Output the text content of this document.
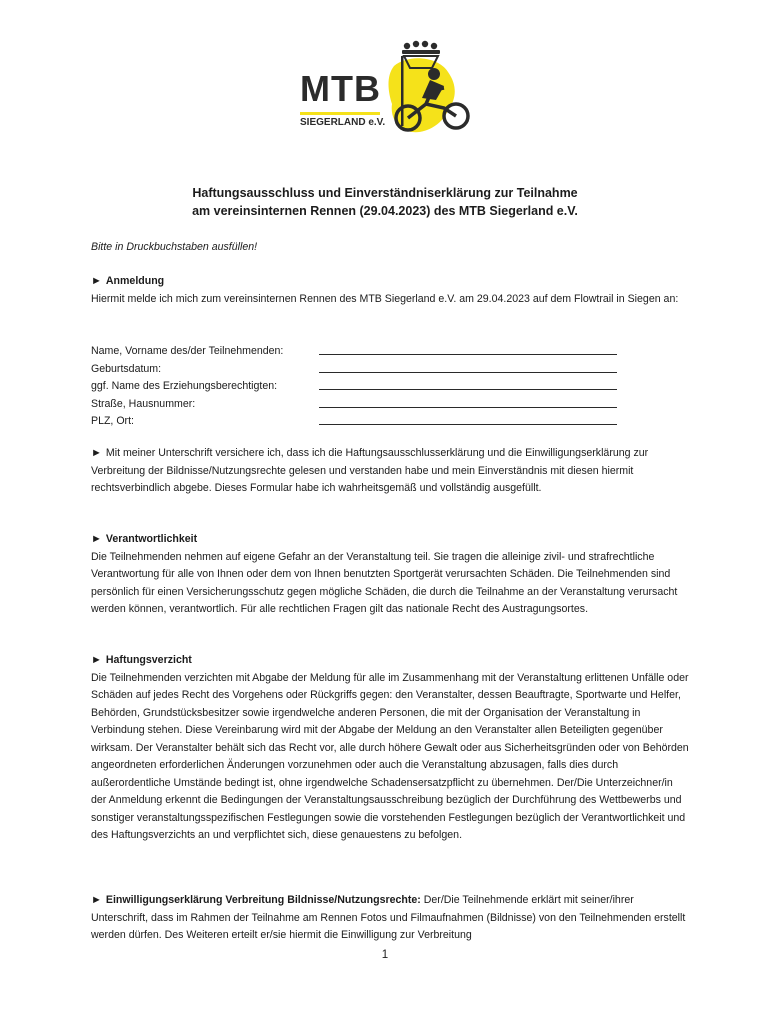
MTB
SIEGERLAND e.V.
Haftungsausschluss und Einverständniserklärung zur Teilnahme
am vereinsinternen Rennen (29.04.2023) des MTB Siegerland e.V.
Bitte in Druckbuchstaben ausfüllen!

► Anmeldung

Hiermit melde ich mich zum vereinsinternen Rennen des MTB Siegerland e.V. am 29.04.2023 auf dem Flowtrail in Siegen an:

Name, Vorname des/der Teilnehmenden:
Geburtsdatum:
ggf. Name des Erziehungsberechtigten:
Straße, Hausnummer:
PLZ, Ort:

► Mit meiner Unterschrift versichere ich, dass ich die Haftungsausschlusserklärung und die Einwilligungserklärung zur Verbreitung der Bildnisse/Nutzungsrechte gelesen und verstanden habe und mein Einverständnis mit diesen hiermit rechtsverbindlich abgebe. Dieses Formular habe ich wahrheitsgemäß und vollständig ausgefüllt.

► Verantwortlichkeit

Die Teilnehmenden nehmen auf eigene Gefahr an der Veranstaltung teil. Sie tragen die alleinige zivil- und strafrechtliche Verantwortung für alle von Ihnen oder dem von Ihnen benutzten Sportgerät verursachten Schäden. Die Teilnehmenden sind persönlich für einen Versicherungsschutz gegen mögliche Schäden, die durch die Teilnahme an der Veranstaltung verursacht werden können, verantwortlich. Für alle rechtlichen Fragen gilt das nationale Recht des Austragungsortes.

► Haftungsverzicht

Die Teilnehmenden verzichten mit Abgabe der Meldung für alle im Zusammenhang mit der Veranstaltung erlittenen Unfälle oder Schäden auf jedes Recht des Vorgehens oder Rückgriffs gegen: den Veranstalter, dessen Beauftragte, Sportwarte und Helfer, Behörden, Grundstücksbesitzer sowie irgendwelche anderen Personen, die mit der Organisation der Veranstaltung in Verbindung stehen. Diese Vereinbarung wird mit der Abgabe der Meldung an den Veranstalter allen Beteiligten gegenüber wirksam. Der Veranstalter behält sich das Recht vor, alle durch höhere Gewalt oder aus Sicherheitsgründen oder von Behörden angeordneten erforderlichen Änderungen vorzunehmen oder auch die Veranstaltung abzusagen, falls dies durch außerordentliche Umstände bedingt ist, ohne irgendwelche Schadensersatzpflicht zu übernehmen. Der/Die Unterzeichner/in der Anmeldung erkennt die Bedingungen der Veranstaltungsausschreibung bezüglich der Durchführung des Wettbewerbs und sonstiger veranstaltungsspezifischen Festlegungen sowie die vorstehenden Festlegungen bezüglich der Verantwortlichkeit und des Haftungsverzichts an und verpflichtet sich, diese genauestens zu befolgen.

► Einwilligungserklärung Verbreitung Bildnisse/Nutzungsrechte: Der/Die Teilnehmende erklärt mit seiner/ihrer Unterschrift, dass im Rahmen der Teilnahme am Rennen Fotos und Filmaufnahmen (Bildnisse) von den Teilnehmenden erstellt werden dürfen. Des Weiteren erteilt er/sie hiermit die Einwilligung zur Verbreitung

1
